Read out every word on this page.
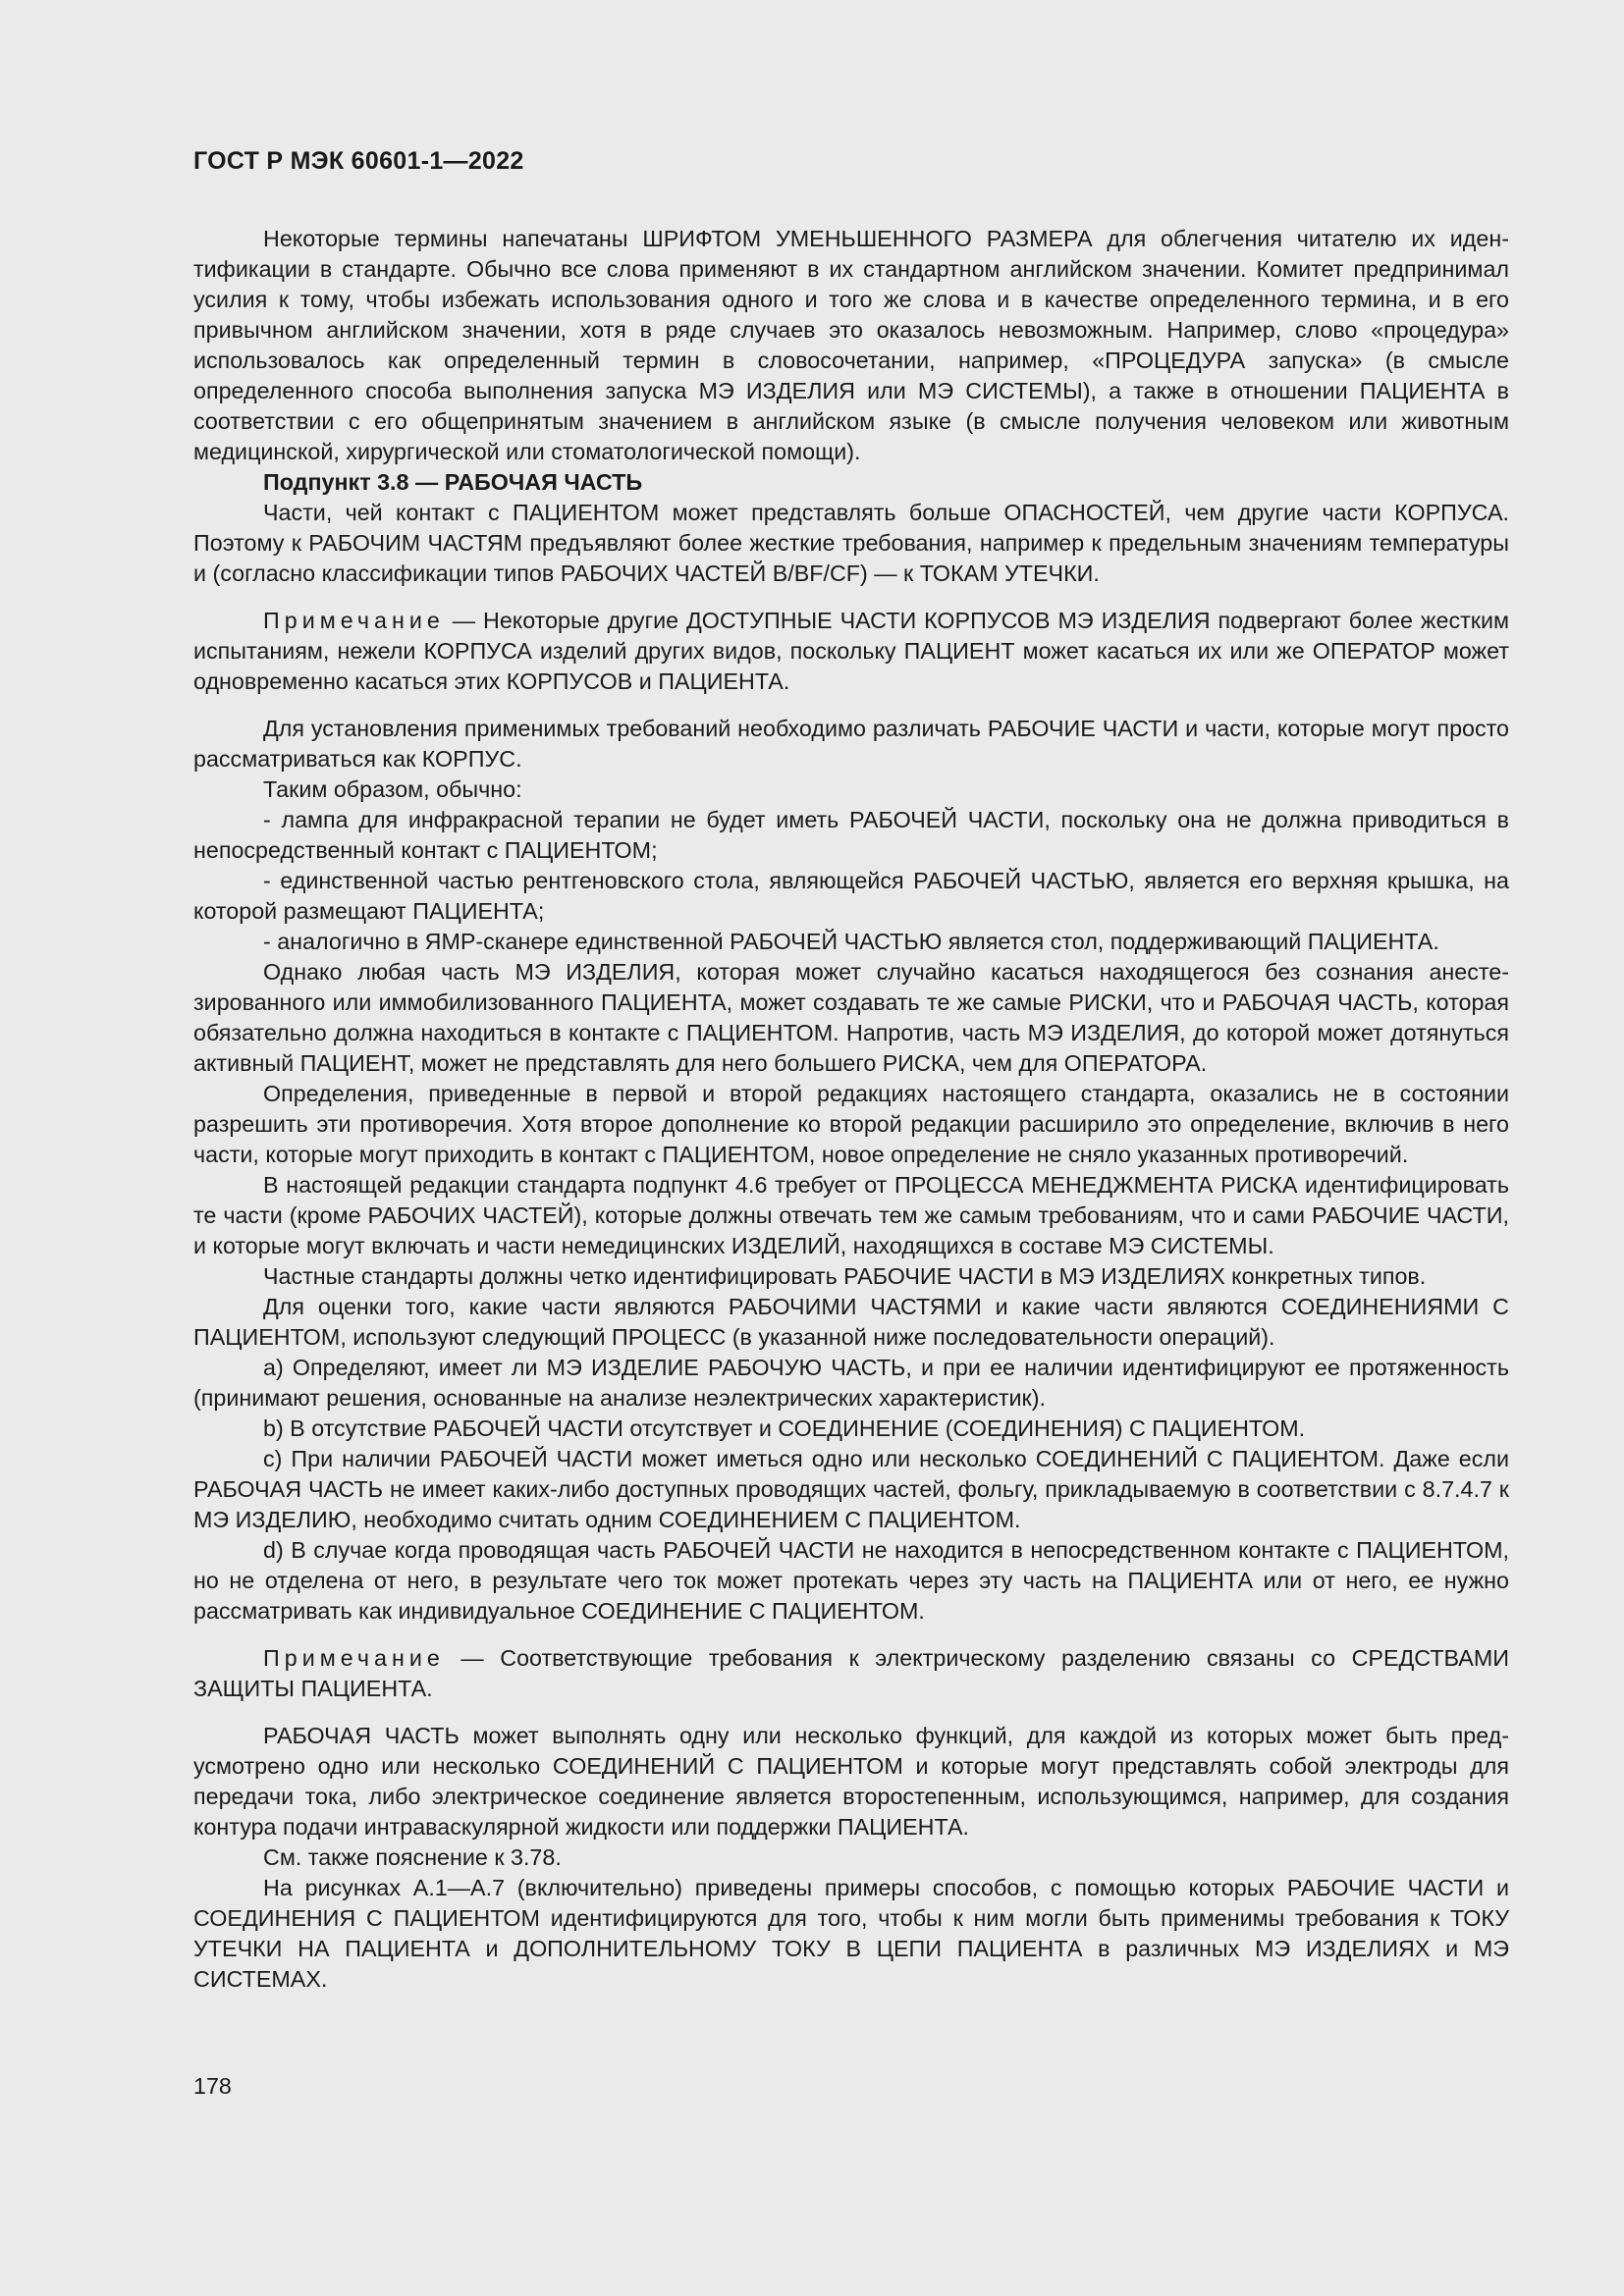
ГОСТ Р МЭК 60601-1—2022

Некоторые термины напечатаны ШРИФТОМ УМЕНЬШЕННОГО РАЗМЕРА для облегчения читателю их идентификации в стандарте. Обычно все слова применяют в их стандартном английском значении. Комитет предпринимал усилия к тому, чтобы избежать использования одного и того же слова и в качестве определенного термина, и в его привычном английском значении, хотя в ряде случаев это оказалось невозможным. Например, слово «процедура» использовалось как определенный термин в словосочетании, например, «ПРОЦЕДУРА запуска» (в смысле определенного способа выполнения запуска МЭ ИЗДЕЛИЯ или МЭ СИСТЕМЫ), а также в отношении ПАЦИЕНТА в соответствии с его общепринятым значением в английском языке (в смысле получения человеком или животным медицинской, хирургической или стоматологической помощи).

Подпункт 3.8 — РАБОЧАЯ ЧАСТЬ

Части, чей контакт с ПАЦИЕНТОМ может представлять больше ОПАСНОСТЕЙ, чем другие части КОРПУСА. Поэтому к РАБОЧИМ ЧАСТЯМ предъявляют более жесткие требования, например к предельным значениям температуры и (согласно классификации типов РАБОЧИХ ЧАСТЕЙ B/BF/CF) — к ТОКАМ УТЕЧКИ.

Примечание — Некоторые другие ДОСТУПНЫЕ ЧАСТИ КОРПУСОВ МЭ ИЗДЕЛИЯ подвергают более жестким испытаниям, нежели КОРПУСА изделий других видов, поскольку ПАЦИЕНТ может касаться их или же ОПЕРАТОР может одновременно касаться этих КОРПУСОВ и ПАЦИЕНТА.

Для установления применимых требований необходимо различать РАБОЧИЕ ЧАСТИ и части, которые могут просто рассматриваться как КОРПУС.

Таким образом, обычно:

- лампа для инфракрасной терапии не будет иметь РАБОЧЕЙ ЧАСТИ, поскольку она не должна приводиться в непосредственный контакт с ПАЦИЕНТОМ;

- единственной частью рентгеновского стола, являющейся РАБОЧЕЙ ЧАСТЬЮ, является его верхняя крышка, на которой размещают ПАЦИЕНТА;

- аналогично в ЯМР-сканере единственной РАБОЧЕЙ ЧАСТЬЮ является стол, поддерживающий ПАЦИЕНТА.

Однако любая часть МЭ ИЗДЕЛИЯ, которая может случайно касаться находящегося без сознания анестезированного или иммобилизованного ПАЦИЕНТА, может создавать те же самые РИСКИ, что и РАБОЧАЯ ЧАСТЬ, которая обязательно должна находиться в контакте с ПАЦИЕНТОМ. Напротив, часть МЭ ИЗДЕЛИЯ, до которой может дотянуться активный ПАЦИЕНТ, может не представлять для него большего РИСКА, чем для ОПЕРАТОРА.

Определения, приведенные в первой и второй редакциях настоящего стандарта, оказались не в состоянии разрешить эти противоречия. Хотя второе дополнение ко второй редакции расширило это определение, включив в него части, которые могут приходить в контакт с ПАЦИЕНТОМ, новое определение не сняло указанных противоречий.

В настоящей редакции стандарта подпункт 4.6 требует от ПРОЦЕССА МЕНЕДЖМЕНТА РИСКА идентифицировать те части (кроме РАБОЧИХ ЧАСТЕЙ), которые должны отвечать тем же самым требованиям, что и сами РАБОЧИЕ ЧАСТИ, и которые могут включать и части немедицинских ИЗДЕЛИЙ, находящихся в составе МЭ СИСТЕМЫ.

Частные стандарты должны четко идентифицировать РАБОЧИЕ ЧАСТИ в МЭ ИЗДЕЛИЯХ конкретных типов.

Для оценки того, какие части являются РАБОЧИМИ ЧАСТЯМИ и какие части являются СОЕДИНЕНИЯМИ С ПАЦИЕНТОМ, используют следующий ПРОЦЕСС (в указанной ниже последовательности операций).

a) Определяют, имеет ли МЭ ИЗДЕЛИЕ РАБОЧУЮ ЧАСТЬ, и при ее наличии идентифицируют ее протяженность (принимают решения, основанные на анализе неэлектрических характеристик).

b) В отсутствие РАБОЧЕЙ ЧАСТИ отсутствует и СОЕДИНЕНИЕ (СОЕДИНЕНИЯ) С ПАЦИЕНТОМ.

c) При наличии РАБОЧЕЙ ЧАСТИ может иметься одно или несколько СОЕДИНЕНИЙ С ПАЦИЕНТОМ. Даже если РАБОЧАЯ ЧАСТЬ не имеет каких-либо доступных проводящих частей, фольгу, прикладываемую в соответствии с 8.7.4.7 к МЭ ИЗДЕЛИЮ, необходимо считать одним СОЕДИНЕНИЕМ С ПАЦИЕНТОМ.

d) В случае когда проводящая часть РАБОЧЕЙ ЧАСТИ не находится в непосредственном контакте с ПАЦИЕНТОМ, но не отделена от него, в результате чего ток может протекать через эту часть на ПАЦИЕНТА или от него, ее нужно рассматривать как индивидуальное СОЕДИНЕНИЕ С ПАЦИЕНТОМ.

Примечание — Соответствующие требования к электрическому разделению связаны со СРЕДСТВАМИ ЗАЩИТЫ ПАЦИЕНТА.

РАБОЧАЯ ЧАСТЬ может выполнять одну или несколько функций, для каждой из которых может быть предусмотрено одно или несколько СОЕДИНЕНИЙ С ПАЦИЕНТОМ и которые могут представлять собой электроды для передачи тока, либо электрическое соединение является второстепенным, использующимся, например, для создания контура подачи интраваскулярной жидкости или поддержки ПАЦИЕНТА.

См. также пояснение к 3.78.

На рисунках А.1—А.7 (включительно) приведены примеры способов, с помощью которых РАБОЧИЕ ЧАСТИ и СОЕДИНЕНИЯ С ПАЦИЕНТОМ идентифицируются для того, чтобы к ним могли быть применимы требования к ТОКУ УТЕЧКИ НА ПАЦИЕНТА и ДОПОЛНИТЕЛЬНОМУ ТОКУ В ЦЕПИ ПАЦИЕНТА в различных МЭ ИЗДЕЛИЯХ и МЭ СИСТЕМАХ.

178
